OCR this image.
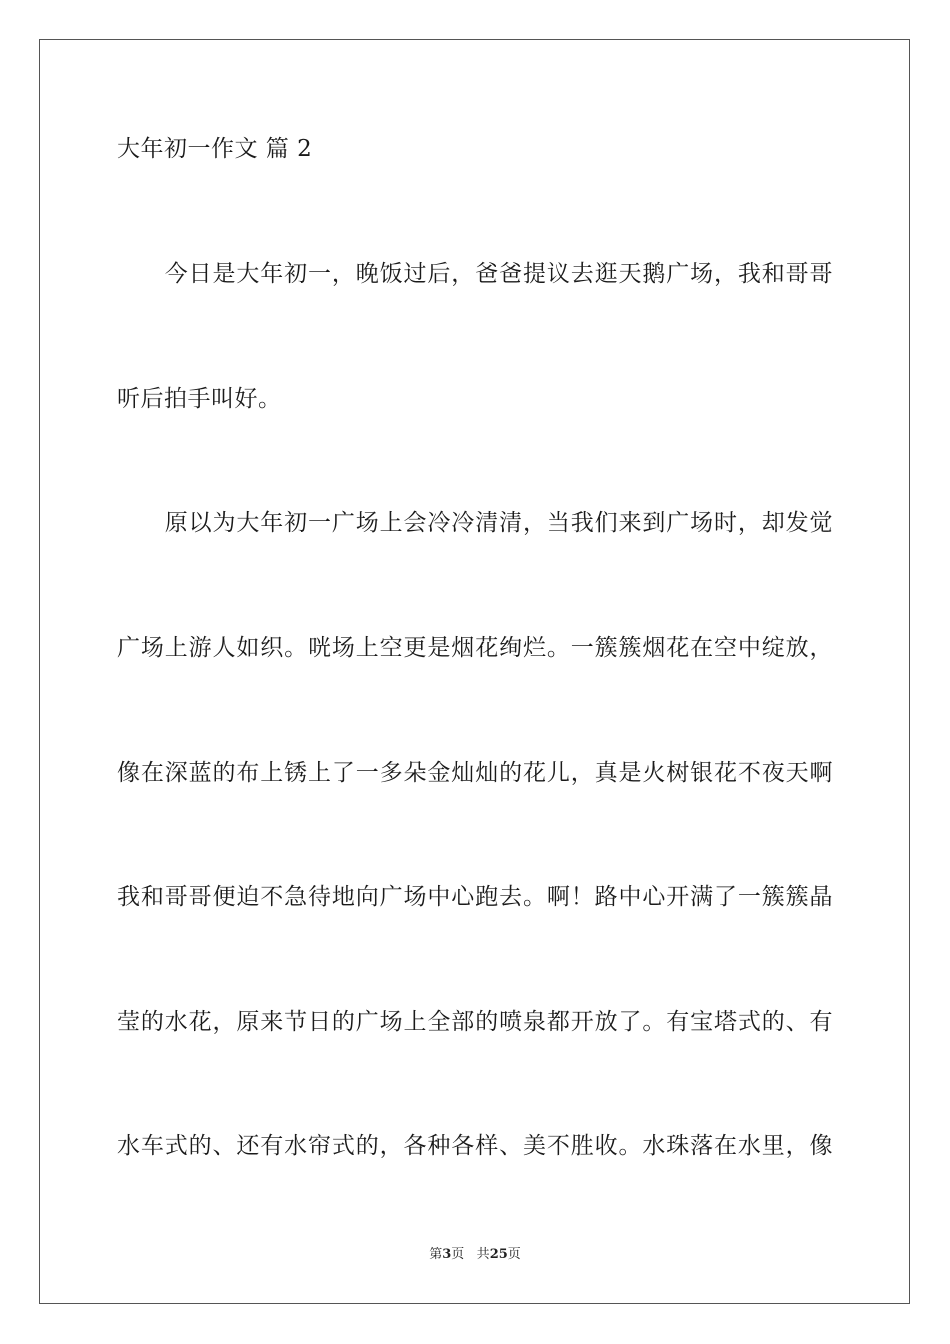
大年初一作文 篇 2
　　今日是大年初一，晚饭过后，爸爸提议去逛天鹅广场，我和哥哥
听后拍手叫好。
　　原以为大年初一广场上会冷冷清清，当我们来到广场时，却发觉
广场上游人如织。咣场上空更是烟花绚烂。一簇簇烟花在空中绽放，
像在深蓝的布上锈上了一多朵金灿灿的花儿，真是火树银花不夜天啊
我和哥哥便迫不急待地向广场中心跑去。啊！路中心开满了一簇簇晶
莹的水花，原来节日的广场上全部的喷泉都开放了。有宝塔式的、有
水车式的、还有水帘式的，各种各样、美不胜收。水珠落在水里，像
第3页 共25页
